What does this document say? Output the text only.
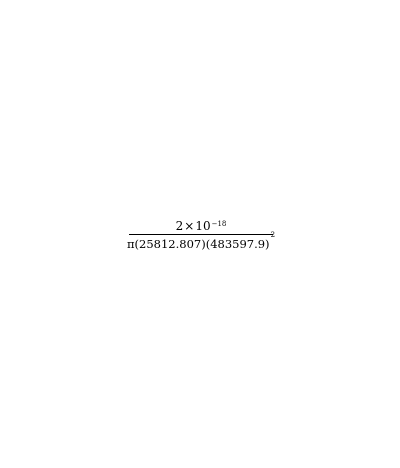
2 × 10 −18
π (25812.807) (483597.9)
2
